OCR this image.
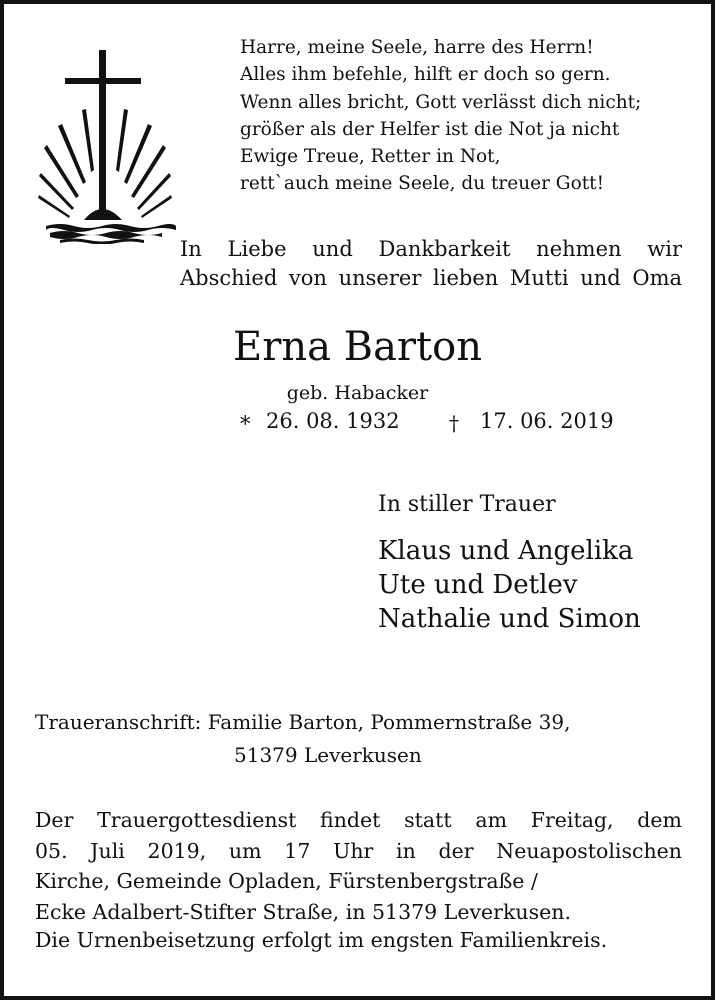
Harre, meine Seele, harre des Herrn!
Alles ihm befehle, hilft er doch so gern.
Wenn alles bricht, Gott verlässt dich nicht;
größer als der Helfer ist die Not ja nicht
Ewige Treue, Retter in Not,
rett`auch meine Seele, du treuer Gott!
In Liebe und Dankbarkeit nehmen wir
Abschied von unserer lieben Mutti und Oma
Erna Barton
geb. Habacker
* 26. 08. 1932 † 17. 06. 2019
In stiller Trauer
Klaus und Angelika
Ute und Detlev
Nathalie und Simon
Traueranschrift: Familie Barton, Pommernstraße 39,
51379 Leverkusen
Der Trauergottesdienst findet statt am Freitag, dem
05. Juli 2019, um 17 Uhr in der Neuapostolischen
Kirche, Gemeinde Opladen, Fürstenbergstraße /
Ecke Adalbert-Stifter Straße, in 51379 Leverkusen.
Die Urnenbeisetzung erfolgt im engsten Familienkreis.
